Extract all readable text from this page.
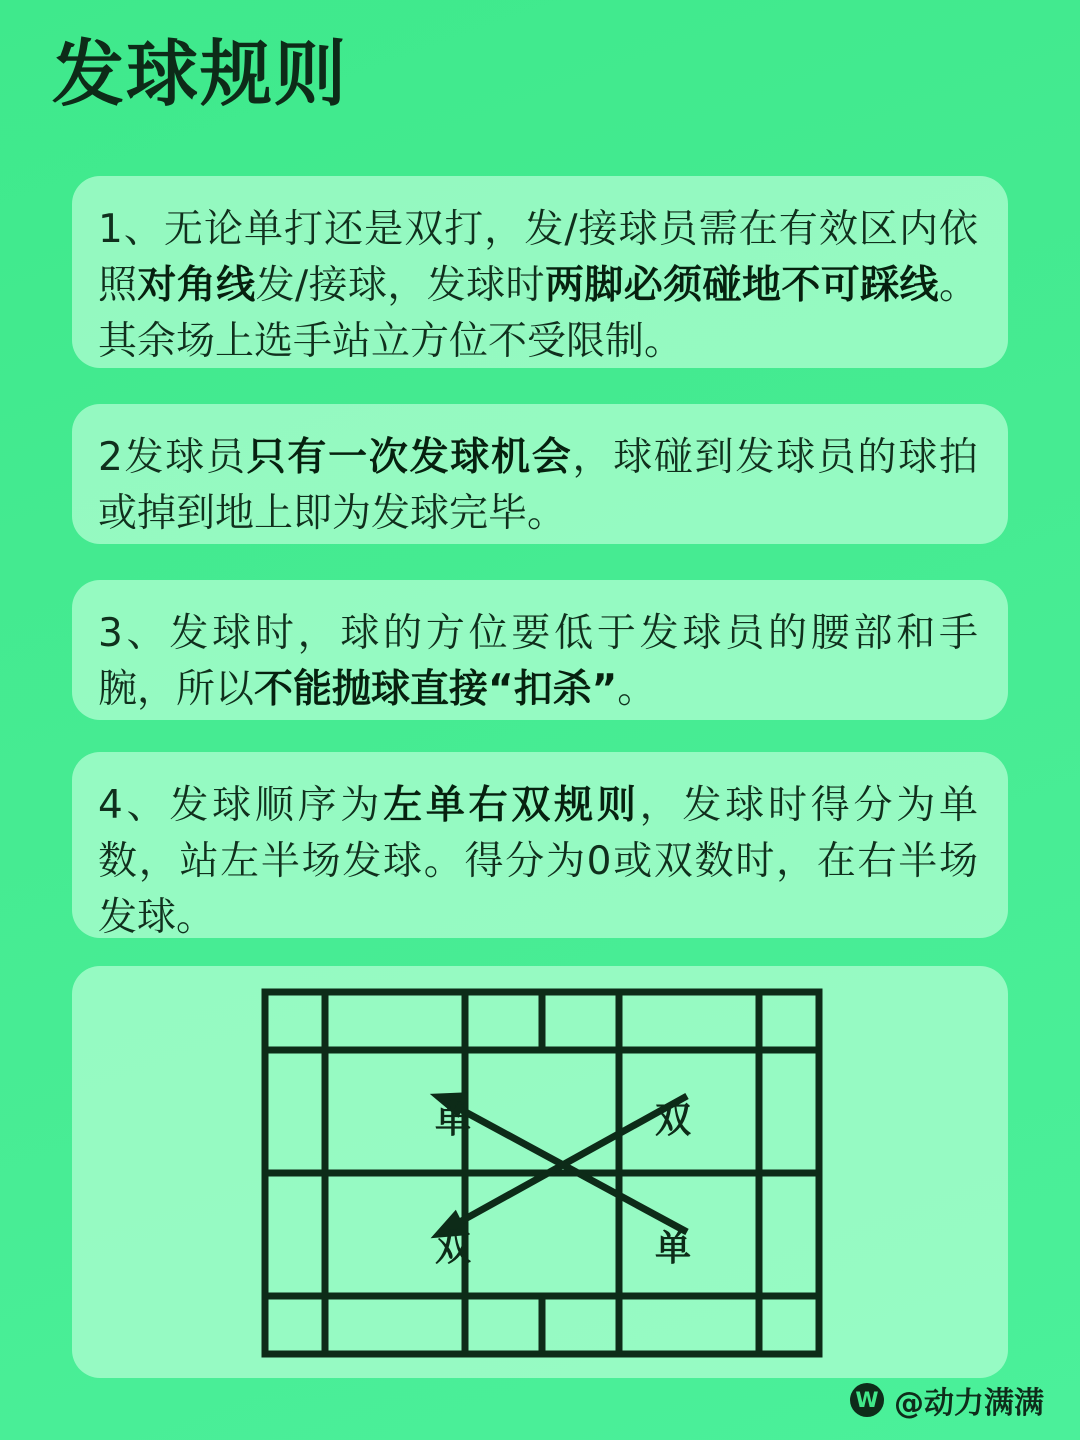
发球规则
1、无论单打还是双打，发/接球员需在有效区内依照对角线发/接球，发球时两脚必须碰地不可踩线。其余场上选手站立方位不受限制。
2发球员只有一次发球机会，球碰到发球员的球拍或掉到地上即为发球完毕。
3、发球时，球的方位要低于发球员的腰部和手腕，所以不能抛球直接“扣杀”。
4、发球顺序为左单右双规则，发球时得分为单数，站左半场发球。得分为0或双数时，在右半场发球。
单	双
双	单
W @动力满满
